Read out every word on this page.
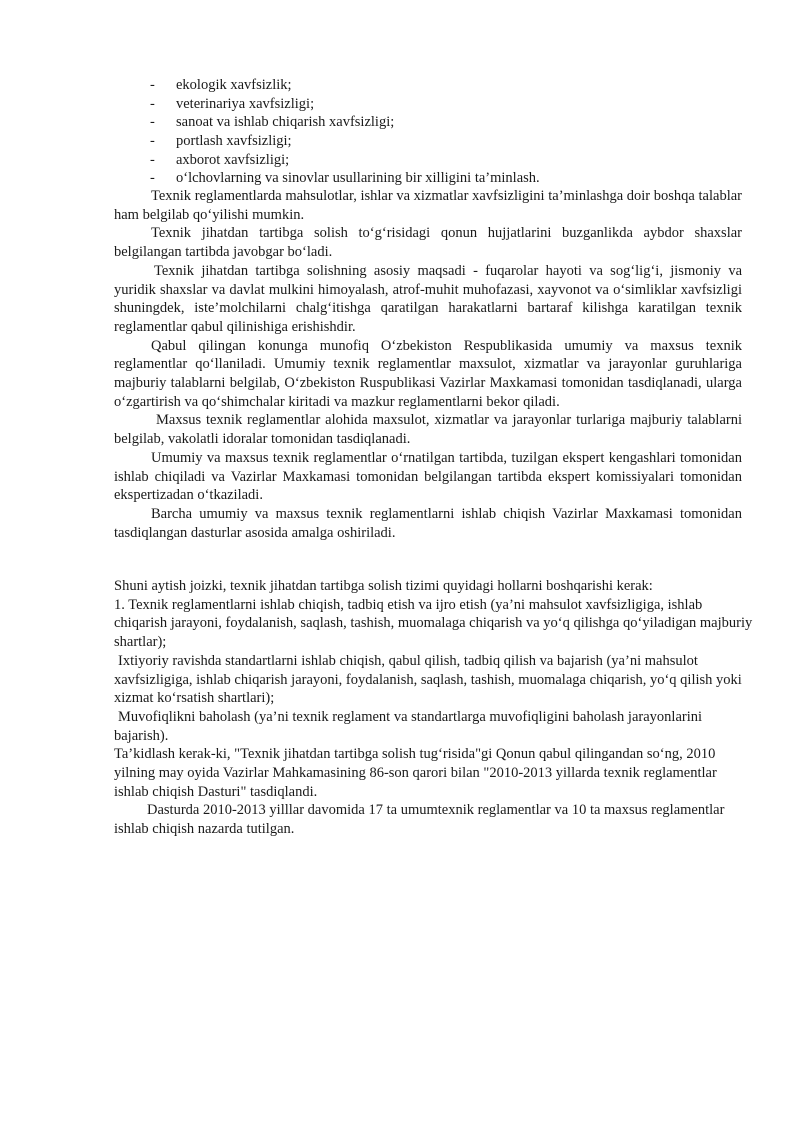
- ekologik xavfsizlik;
- veterinariya xavfsizligi;
- sanoat va ishlab chiqarish xavfsizligi;
- portlash xavfsizligi;
- axborot xavfsizligi;
- o‘lchovlarning va sinovlar usullarining bir xilligini ta’minlash.

Texnik reglamentlarda mahsulotlar, ishlar va xizmatlar xavfsizligini ta’minlashga doir boshqa talablar ham belgilab qo‘yilishi mumkin.

Texnik jihatdan tartibga solish to‘g‘risidagi qonun hujjatlarini buzganlikda aybdor shaxslar belgilangan tartibda javobgar bo‘ladi.

Texnik jihatdan tartibga solishning asosiy maqsadi - fuqarolar hayoti va sog‘lig‘i, jismoniy va yuridik shaxslar va davlat mulkini himoyalash, atrof-muhit muhofazasi, xayvonot va o‘simliklar xavfsizligi shuningdek, iste’molchilarni chalg‘itishga qaratilgan harakatlarni bartaraf kilishga karatilgan texnik reglamentlar qabul qilinishiga erishishdir.

Qabul qilingan konunga munofiq O‘zbekiston Respublikasida umumiy va maxsus texnik reglamentlar qo‘llaniladi. Umumiy texnik reglamentlar maxsulot, xizmatlar va jarayonlar guruhlariga majburiy talablarni belgilab, O‘zbekiston Ruspublikasi Vazirlar Maxkamasi tomonidan tasdiqlanadi, ularga o‘zgartirish va qo‘shimchalar kiritadi va mazkur reglamentlarni bekor qiladi.

Maxsus texnik reglamentlar alohida maxsulot, xizmatlar va jarayonlar turlariga majburiy talablarni belgilab, vakolatli idoralar tomonidan tasdiqlanadi.

Umumiy va maxsus texnik reglamentlar o‘rnatilgan tartibda, tuzilgan ekspert kengashlari tomonidan ishlab chiqiladi va Vazirlar Maxkamasi tomonidan belgilangan tartibda ekspert komissiyalari tomonidan ekspertizadan o‘tkaziladi.

Barcha umumiy va maxsus texnik reglamentlarni ishlab chiqish Vazirlar Maxkamasi tomonidan tasdiqlangan dasturlar asosida amalga oshiriladi.

Shuni aytish joizki, texnik jihatdan tartibga solish tizimi quyidagi hollarni boshqarishi kerak:

1. Texnik reglamentlarni ishlab chiqish, tadbiq etish va ijro etish (ya’ni mahsulot xavfsizligiga, ishlab chiqarish jarayoni, foydalanish, saqlash, tashish, muomalaga chiqarish va yo‘q qilishga qo‘yiladigan majburiy shartlar);

Ixtiyoriy ravishda standartlarni ishlab chiqish, qabul qilish, tadbiq qilish va bajarish (ya’ni mahsulot xavfsizligiga, ishlab chiqarish jarayoni, foydalanish, saqlash, tashish, muomalaga chiqarish, yo‘q qilish yoki xizmat ko‘rsatish shartlari);

Muvofiqlikni baholash (ya’ni texnik reglament va standartlarga muvofiqligini baholash jarayonlarini bajarish).

Ta’kidlash kerak-ki, "Texnik jihatdan tartibga solish tug‘risida"gi Qonun qabul qilingandan so‘ng, 2010 yilning may oyida Vazirlar Mahkamasining 86-son qarori bilan "2010-2013 yillarda texnik reglamentlar ishlab chiqish Dasturi" tasdiqlandi.

Dasturda 2010-2013 yilllar davomida 17 ta umumtexnik reglamentlar va 10 ta maxsus reglamentlar ishlab chiqish nazarda tutilgan.
